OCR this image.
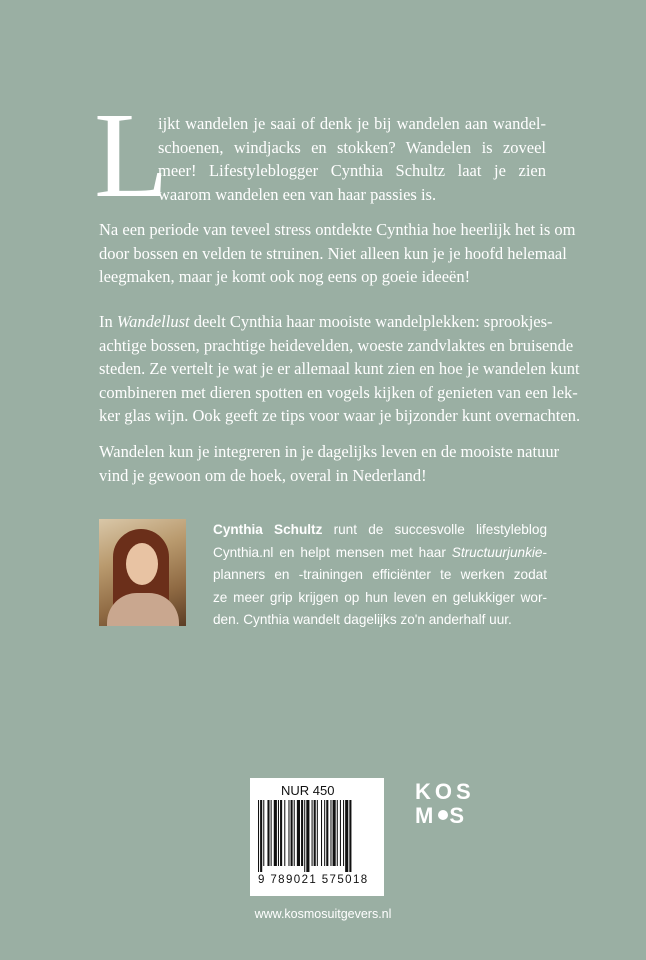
L
ijkt wandelen je saai of denk je bij wandelen aan wandel-
schoenen, windjacks en stokken? Wandelen is zoveel
meer! Lifestyleblogger Cynthia Schultz laat je zien
waarom wandelen een van haar passies is.
Na een periode van teveel stress ontdekte Cynthia hoe heerlijk het is om
door bossen en velden te struinen. Niet alleen kun je je hoofd helemaal
leegmaken, maar je komt ook nog eens op goeie ideeën!
In Wandellust deelt Cynthia haar mooiste wandelplekken: sprookjes-
achtige bossen, prachtige heidevelden, woeste zandvlaktes en bruisende
steden. Ze vertelt je wat je er allemaal kunt zien en hoe je wandelen kunt
combineren met dieren spotten en vogels kijken of genieten van een lek-
ker glas wijn. Ook geeft ze tips voor waar je bijzonder kunt overnachten.
Wandelen kun je integreren in je dagelijks leven en de mooiste natuur
vind je gewoon om de hoek, overal in Nederland!
Cynthia Schultz runt de succesvolle lifestyleblog
Cynthia.nl en helpt mensen met haar Structuurjunkie-
planners en -trainingen efficiënter te werken zodat
ze meer grip krijgen op hun leven en gelukkiger wor-
den. Cynthia wandelt dagelijks zo'n anderhalf uur.
NUR 450
9 789021 575018
KOS
M S
www.kosmosuitgevers.nl
